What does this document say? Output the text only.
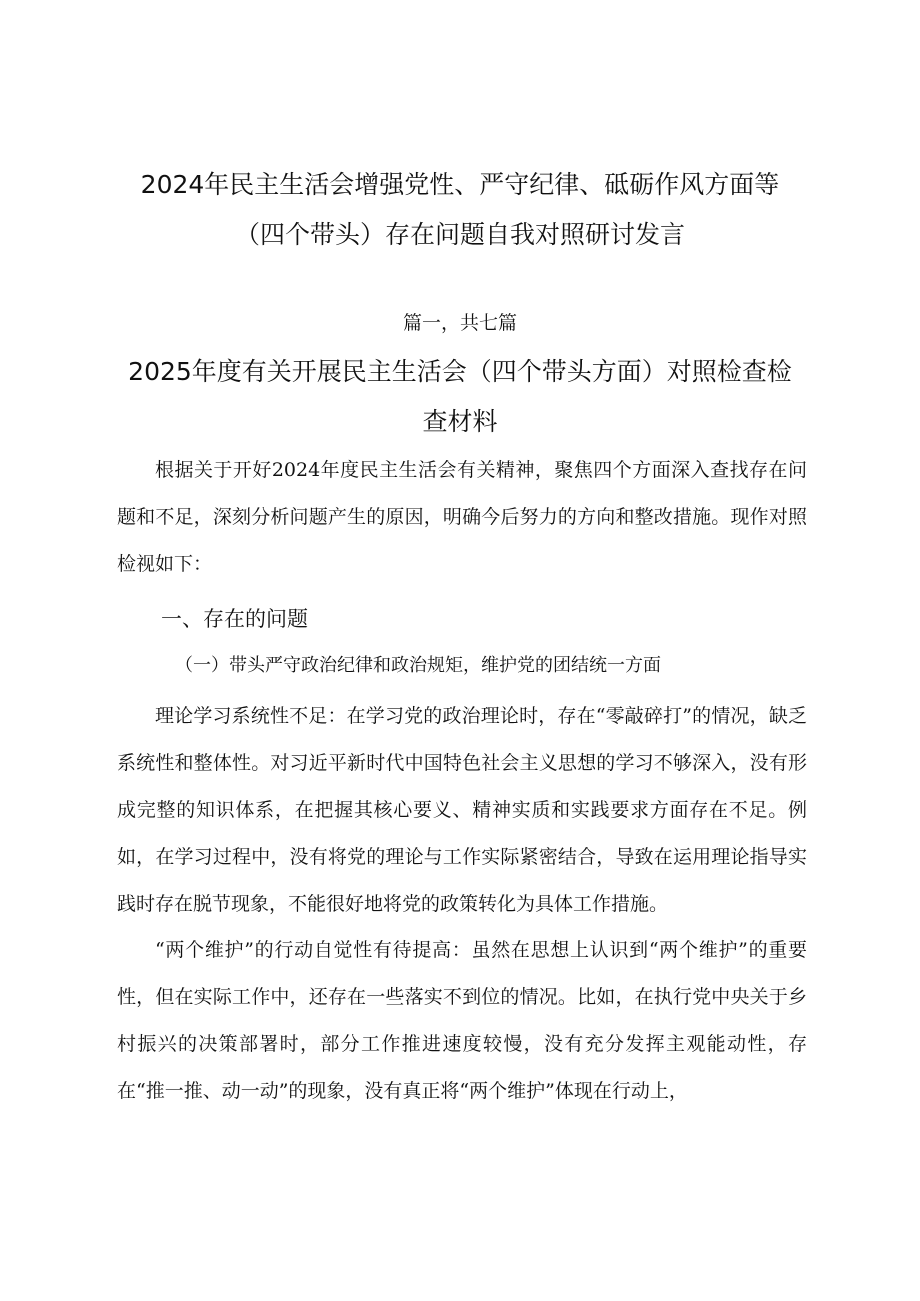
2024年民主生活会增强党性、严守纪律、砥砺作风方面等（四个带头）存在问题自我对照研讨发言
篇一，共七篇
2025年度有关开展民主生活会（四个带头方面）对照检查检查材料
根据关于开好2024年度民主生活会有关精神，聚焦四个方面深入查找存在问题和不足，深刻分析问题产生的原因，明确今后努力的方向和整改措施。现作对照检视如下：
一、存在的问题
（一）带头严守政治纪律和政治规矩，维护党的团结统一方面
理论学习系统性不足：在学习党的政治理论时，存在“零敲碎打”的情况，缺乏系统性和整体性。对习近平新时代中国特色社会主义思想的学习不够深入，没有形成完整的知识体系，在把握其核心要义、精神实质和实践要求方面存在不足。例如，在学习过程中，没有将党的理论与工作实际紧密结合，导致在运用理论指导实践时存在脱节现象，不能很好地将党的政策转化为具体工作措施。
“两个维护”的行动自觉性有待提高：虽然在思想上认识到“两个维护”的重要性，但在实际工作中，还存在一些落实不到位的情况。比如，在执行党中央关于乡村振兴的决策部署时，部分工作推进速度较慢，没有充分发挥主观能动性，存在“推一推、动一动”的现象，没有真正将“两个维护”体现在行动上，
